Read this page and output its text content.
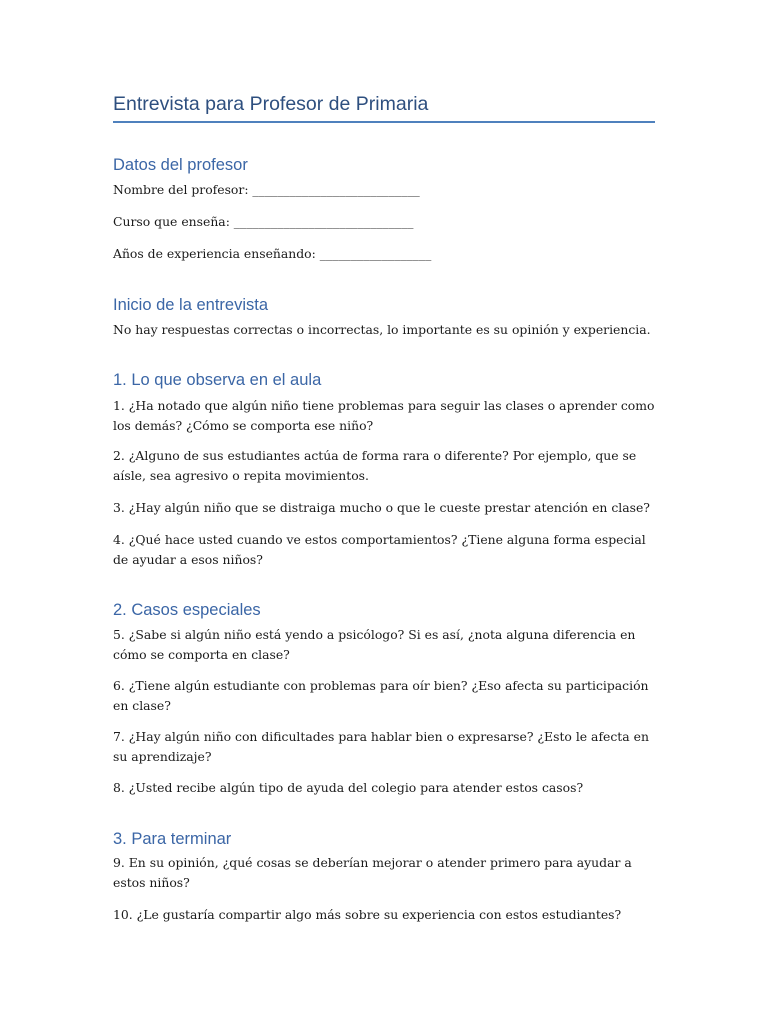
Entrevista para Profesor de Primaria
Datos del profesor

Nombre del profesor: ___________________________

Curso que enseña: _____________________________

Años de experiencia enseñando: __________________

Inicio de la entrevista

No hay respuestas correctas o incorrectas, lo importante es su opinión y experiencia.

1. Lo que observa en el aula

1. ¿Ha notado que algún niño tiene problemas para seguir las clases o aprender como los demás? ¿Cómo se comporta ese niño?

2. ¿Alguno de sus estudiantes actúa de forma rara o diferente? Por ejemplo, que se aísle, sea agresivo o repita movimientos.

3. ¿Hay algún niño que se distraiga mucho o que le cueste prestar atención en clase?

4. ¿Qué hace usted cuando ve estos comportamientos? ¿Tiene alguna forma especial de ayudar a esos niños?

2. Casos especiales

5. ¿Sabe si algún niño está yendo a psicólogo? Si es así, ¿nota alguna diferencia en cómo se comporta en clase?

6. ¿Tiene algún estudiante con problemas para oír bien? ¿Eso afecta su participación en clase?

7. ¿Hay algún niño con dificultades para hablar bien o expresarse? ¿Esto le afecta en su aprendizaje?

8. ¿Usted recibe algún tipo de ayuda del colegio para atender estos casos?

3. Para terminar

9. En su opinión, ¿qué cosas se deberían mejorar o atender primero para ayudar a estos niños?

10. ¿Le gustaría compartir algo más sobre su experiencia con estos estudiantes?
